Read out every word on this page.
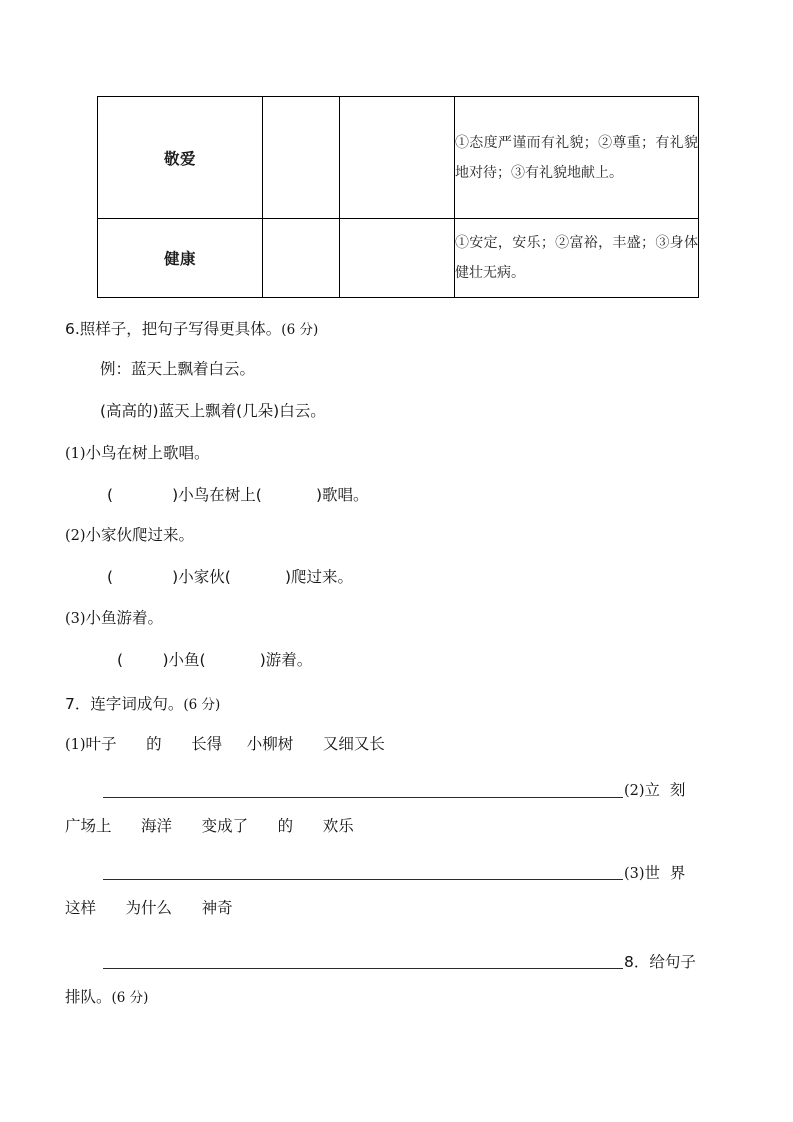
敬爱			①态度严谨而有礼貌；②尊重；有礼貌地对待；③有礼貌地献上。
健康			①安定，安乐；②富裕，丰盛；③身体健壮无病。
6.照样子，把句子写得更具体。(6 分)
例：蓝天上飘着白云。
(高高的)蓝天上飘着(几朵)白云。
(1)小鸟在树上歌唱。
(            )小鸟在树上(           )歌唱。
(2)小家伙爬过来。
(            )小家伙(           )爬过来。
(3)小鱼游着。
(        )小鱼(           )游着。
7．连字词成句。(6 分)
(1)叶子      的      长得     小柳树      又细又长
(2)立  刻
广场上      海洋      变成了      的      欢乐
(3)世  界
这样      为什么      神奇
8．给句子
排队。(6 分)
